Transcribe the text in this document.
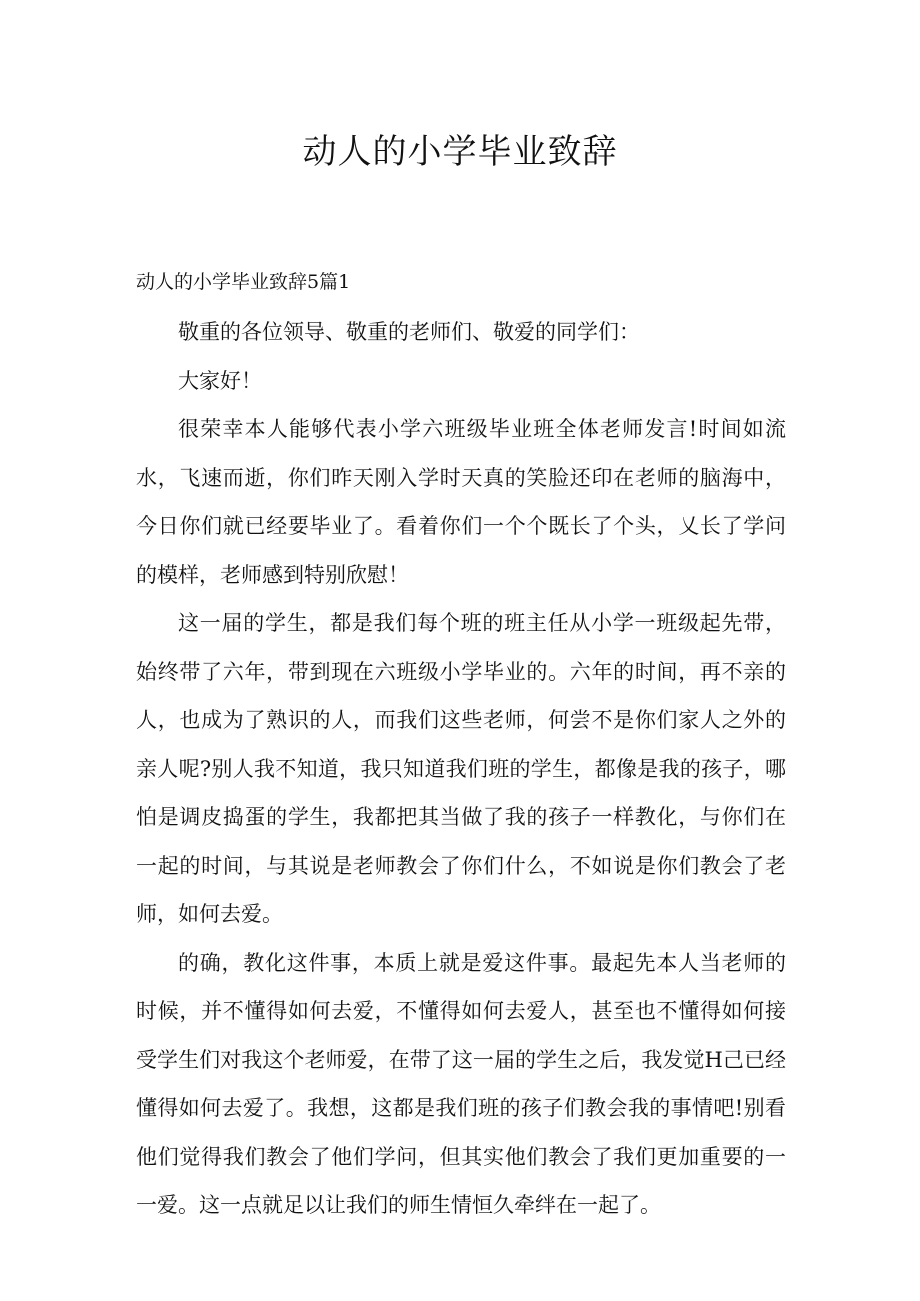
动人的小学毕业致辞

动人的小学毕业致辞5篇1

敬重的各位领导、敬重的老师们、敬爱的同学们：

大家好！

很荣幸本人能够代表小学六班级毕业班全体老师发言!时间如流水，飞速而逝，你们昨天刚入学时天真的笑脸还印在老师的脑海中，今日你们就已经要毕业了。看着你们一个个既长了个头，乂长了学问的模样，老师感到特别欣慰！

这一届的学生，都是我们每个班的班主任从小学一班级起先带，始终带了六年，带到现在六班级小学毕业的。六年的时间，再不亲的人，也成为了熟识的人，而我们这些老师，何尝不是你们家人之外的亲人呢?别人我不知道，我只知道我们班的学生，都像是我的孩子，哪怕是调皮捣蛋的学生，我都把其当做了我的孩子一样教化，与你们在一起的时间，与其说是老师教会了你们什么，不如说是你们教会了老师，如何去爱。

的确，教化这件事，本质上就是爱这件事。最起先本人当老师的时候，并不懂得如何去爱，不懂得如何去爱人，甚至也不懂得如何接受学生们对我这个老师爱，在带了这一届的学生之后，我发觉H己已经懂得如何去爱了。我想，这都是我们班的孩子们教会我的事情吧!别看他们觉得我们教会了他们学问，但其实他们教会了我们更加重要的一一爱。这一点就足以让我们的师生情恒久牵绊在一起了。
